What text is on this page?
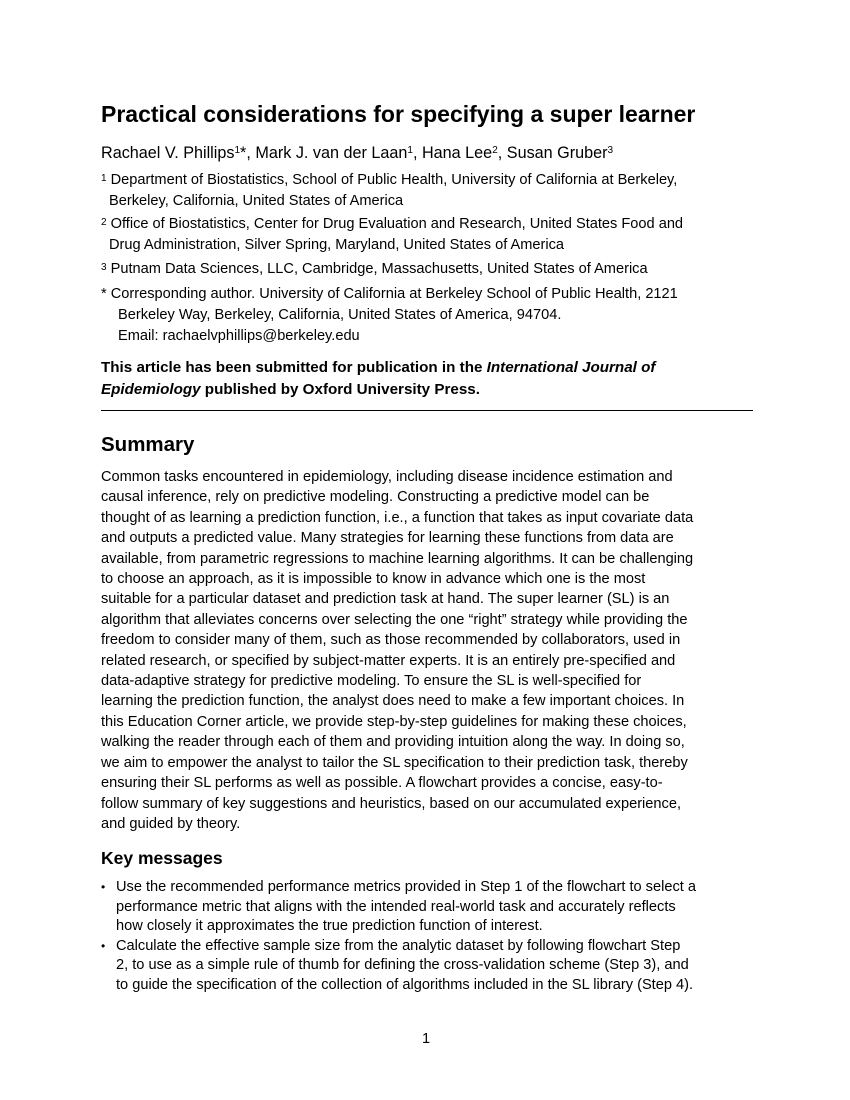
Practical considerations for specifying a super learner
Rachael V. Phillips$^1$*, Mark J. van der Laan$^1$, Hana Lee$^2$, Susan Gruber$^3$
$^1$ Department of Biostatistics, School of Public Health, University of California at Berkeley,
Berkeley, California, United States of America
$^2$ Office of Biostatistics, Center for Drug Evaluation and Research, United States Food and
Drug Administration, Silver Spring, Maryland, United States of America
$^3$ Putnam Data Sciences, LLC, Cambridge, Massachusetts, United States of America
* Corresponding author. University of California at Berkeley School of Public Health, 2121
Berkeley Way, Berkeley, California, United States of America, 94704.
Email: rachaelvphillips@berkeley.edu
This article has been submitted for publication in the International Journal of
Epidemiology published by Oxford University Press.
Summary
Common tasks encountered in epidemiology, including disease incidence estimation and
causal inference, rely on predictive modeling. Constructing a predictive model can be
thought of as learning a prediction function, i.e., a function that takes as input covariate data
and outputs a predicted value. Many strategies for learning these functions from data are
available, from parametric regressions to machine learning algorithms. It can be challenging
to choose an approach, as it is impossible to know in advance which one is the most
suitable for a particular dataset and prediction task at hand. The super learner (SL) is an
algorithm that alleviates concerns over selecting the one “right” strategy while providing the
freedom to consider many of them, such as those recommended by collaborators, used in
related research, or specified by subject-matter experts. It is an entirely pre-specified and
data-adaptive strategy for predictive modeling. To ensure the SL is well-specified for
learning the prediction function, the analyst does need to make a few important choices. In
this Education Corner article, we provide step-by-step guidelines for making these choices,
walking the reader through each of them and providing intuition along the way. In doing so,
we aim to empower the analyst to tailor the SL specification to their prediction task, thereby
ensuring their SL performs as well as possible. A flowchart provides a concise, easy-to-
follow summary of key suggestions and heuristics, based on our accumulated experience,
and guided by theory.
Key messages
• Use the recommended performance metrics provided in Step 1 of the flowchart to select a
performance metric that aligns with the intended real-world task and accurately reflects
how closely it approximates the true prediction function of interest.
• Calculate the effective sample size from the analytic dataset by following flowchart Step
2, to use as a simple rule of thumb for defining the cross-validation scheme (Step 3), and
to guide the specification of the collection of algorithms included in the SL library (Step 4).
1
